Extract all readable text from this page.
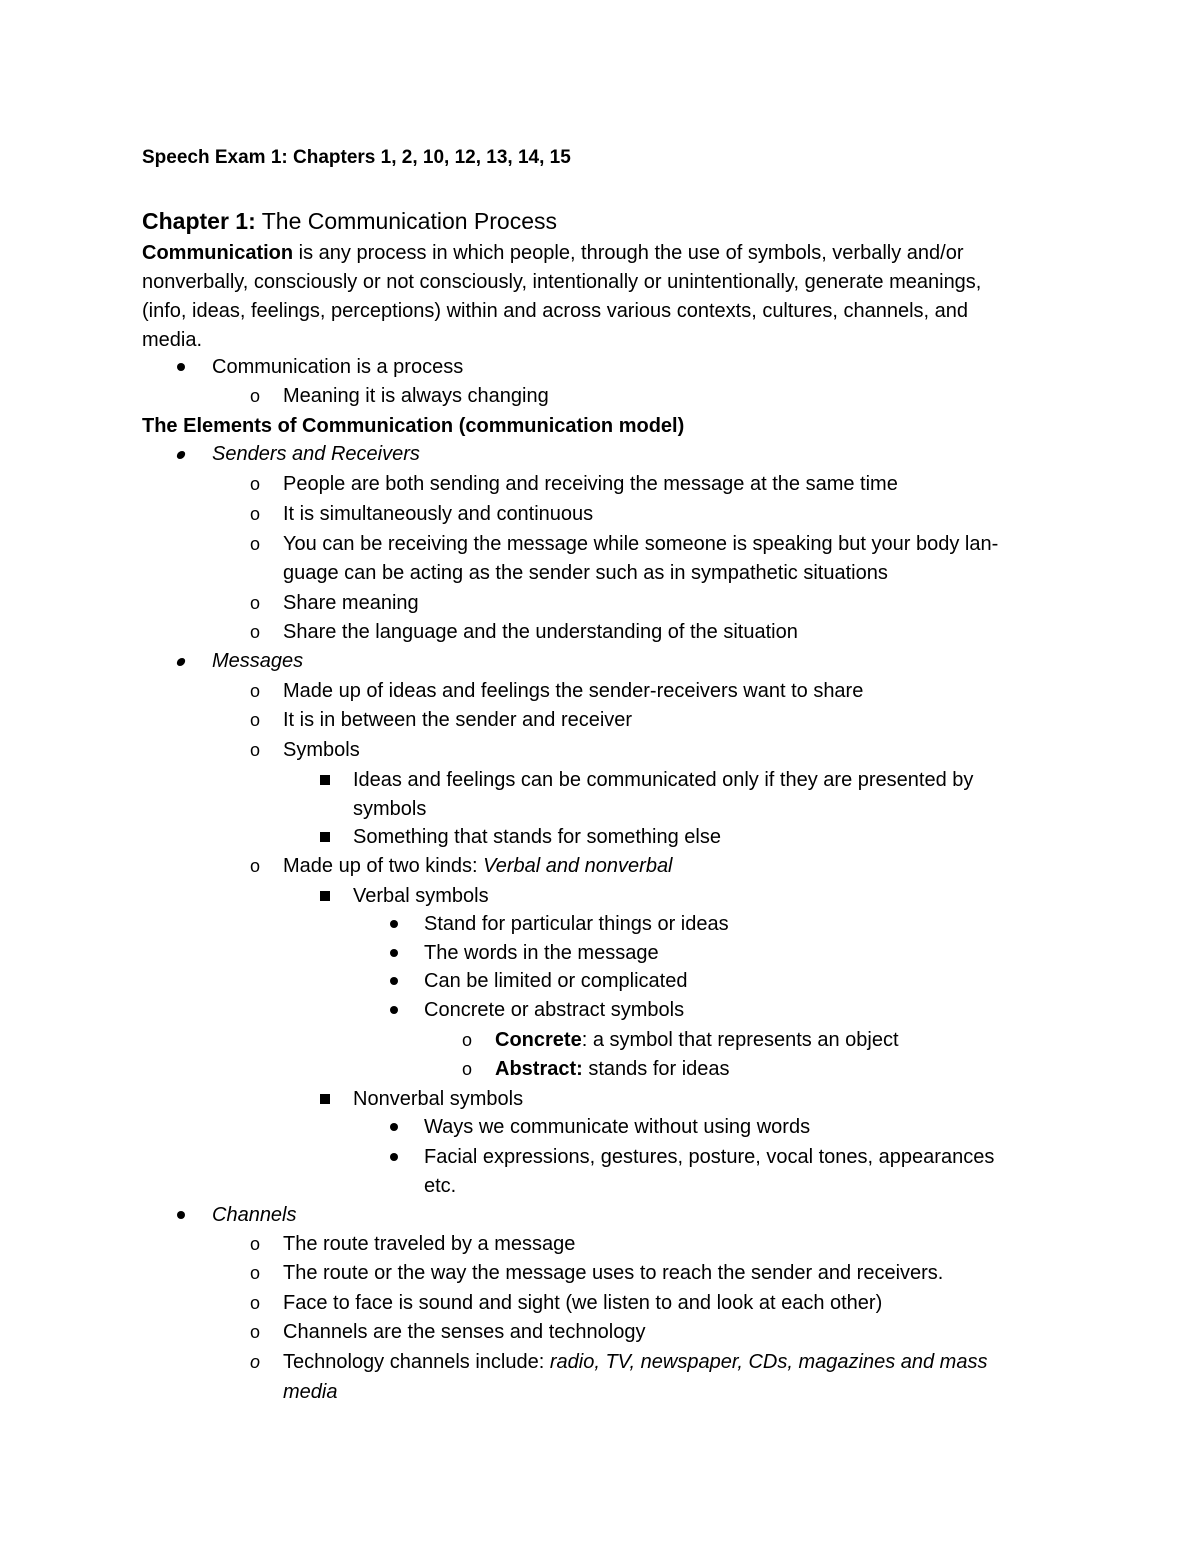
Speech Exam 1: Chapters 1, 2, 10, 12, 13, 14, 15
Chapter 1: The Communication Process
Communication is any process in which people, through the use of symbols, verbally and/or
nonverbally, consciously or not consciously, intentionally or unintentionally, generate meanings,
(info, ideas, feelings, perceptions) within and across various contexts, cultures, channels, and
media.
Communication is a process
o Meaning it is always changing
The Elements of Communication (communication model)
Senders and Receivers
o People are both sending and receiving the message at the same time
o It is simultaneously and continuous
o You can be receiving the message while someone is speaking but your body lan-
guage can be acting as the sender such as in sympathetic situations
o Share meaning
o Share the language and the understanding of the situation
Messages
o Made up of ideas and feelings the sender-receivers want to share
o It is in between the sender and receiver
o Symbols
Ideas and feelings can be communicated only if they are presented by
symbols
Something that stands for something else
o Made up of two kinds: Verbal and nonverbal
Verbal symbols
Stand for particular things or ideas
The words in the message
Can be limited or complicated
Concrete or abstract symbols
o Concrete: a symbol that represents an object
o Abstract: stands for ideas
Nonverbal symbols
Ways we communicate without using words
Facial expressions, gestures, posture, vocal tones, appearances
etc.
Channels
o The route traveled by a message
o The route or the way the message uses to reach the sender and receivers.
o Face to face is sound and sight (we listen to and look at each other)
o Channels are the senses and technology
o Technology channels include: radio, TV, newspaper, CDs, magazines and mass
media
